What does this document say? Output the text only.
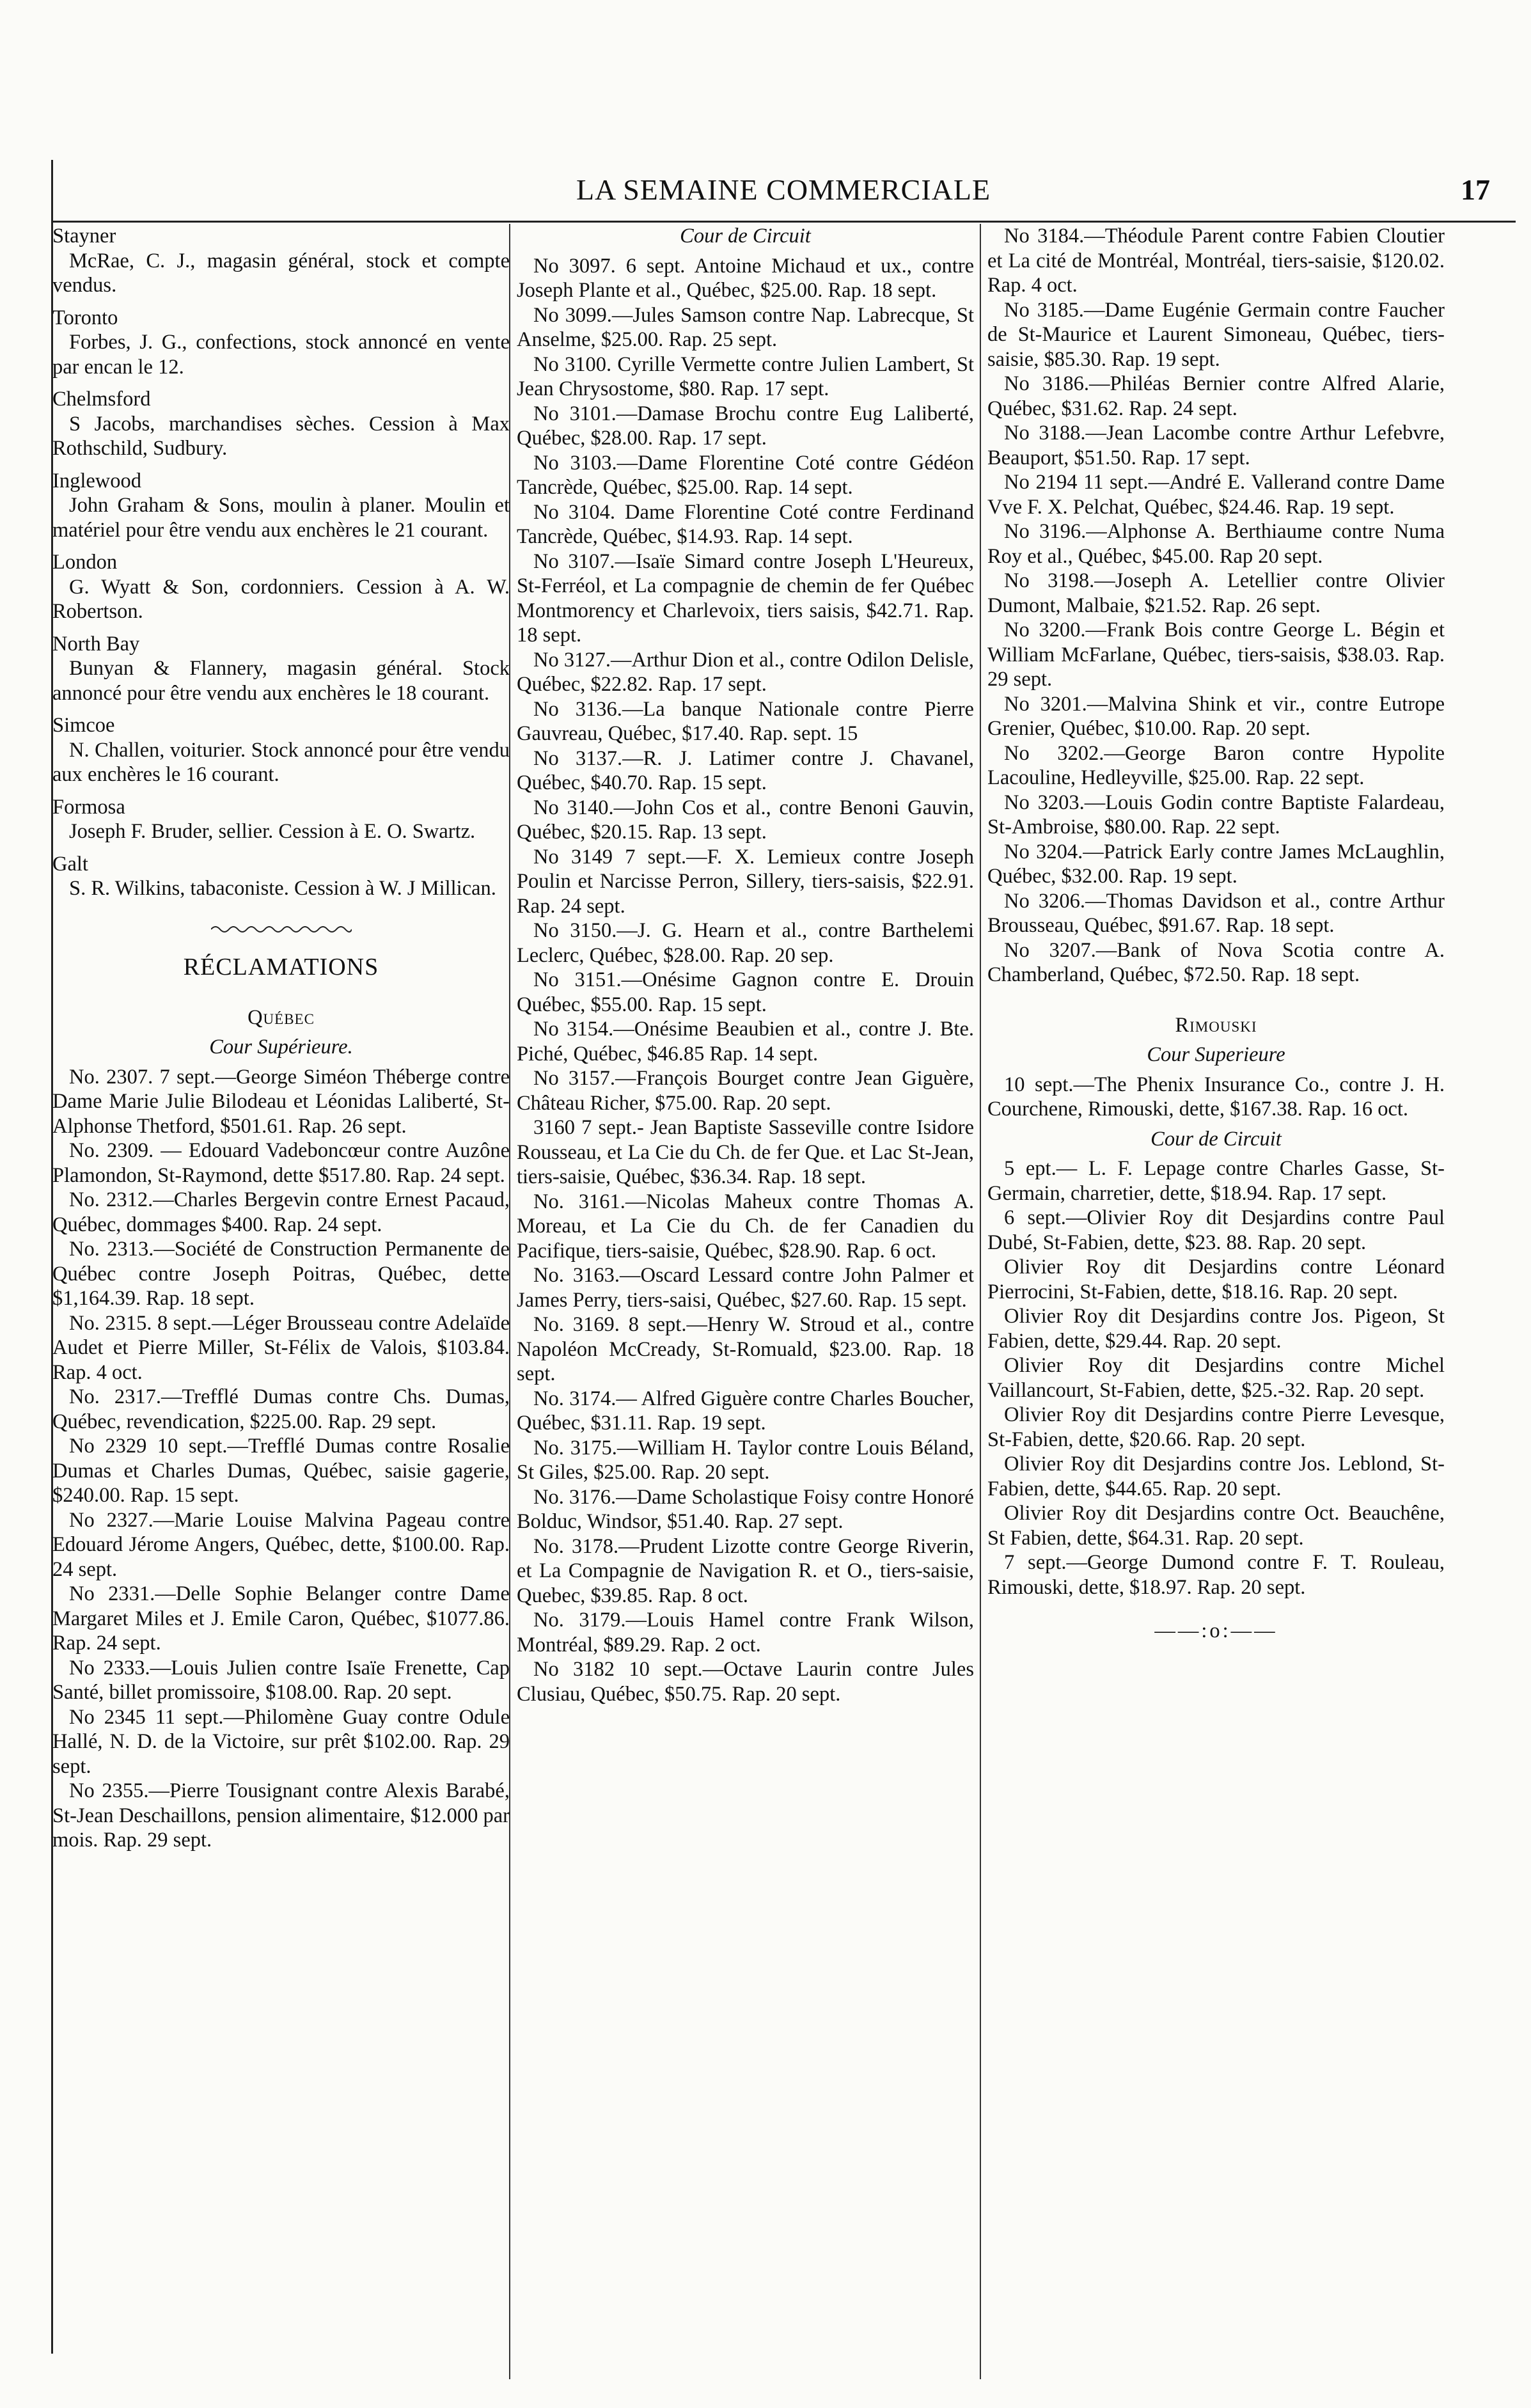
LA SEMAINE COMMERCIALE	17

Stayner

McRae, C. J., magasin général, stock et compte vendus.

Toronto

Forbes, J. G., confections, stock annoncé en vente par encan le 12.

Chelmsford

S Jacobs, marchandises sèches. Cession à Max Rothschild, Sudbury.

Inglewood

John Graham & Sons, moulin à planer. Moulin et matériel pour être vendu aux enchères le 21 courant.

London

G. Wyatt & Son, cordonniers. Cession à A. W. Robertson.

North Bay

Bunyan & Flannery, magasin général. Stock annoncé pour être vendu aux enchères le 18 courant.

Simcoe

N. Challen, voiturier. Stock annoncé pour être vendu aux enchères le 16 courant.

Formosa

Joseph F. Bruder, sellier. Cession à E. O. Swartz.

Galt

S. R. Wilkins, tabaconiste. Cession à W. J Millican.

RÉCLAMATIONS

Québec

Cour Supérieure.

No. 2307. 7 sept.—George Siméon Théberge contre Dame Marie Julie Bilodeau et Léonidas Laliberté, St-Alphonse Thetford, $501.61. Rap. 26 sept.

No. 2309. — Edouard Vadeboncœur contre Auzône Plamondon, St-Raymond, dette $517.80. Rap. 24 sept.

No. 2312.—Charles Bergevin contre Ernest Pacaud, Québec, dommages $400. Rap. 24 sept.

No. 2313.—Société de Construction Permanente de Québec contre Joseph Poitras, Québec, dette $1,164.39. Rap. 18 sept.

No. 2315. 8 sept.—Léger Brousseau contre Adelaïde Audet et Pierre Miller, St-Félix de Valois, $103.84. Rap. 4 oct.

No. 2317.—Trefflé Dumas contre Chs. Dumas, Québec, revendication, $225.00. Rap. 29 sept.

No 2329 10 sept.—Trefflé Dumas contre Rosalie Dumas et Charles Dumas, Québec, saisie gagerie, $240.00. Rap. 15 sept.

No 2327.—Marie Louise Malvina Pageau contre Edouard Jérome Angers, Québec, dette, $100.00. Rap. 24 sept.

No 2331.—Delle Sophie Belanger contre Dame Margaret Miles et J. Emile Caron, Québec, $1077.86. Rap. 24 sept.

No 2333.—Louis Julien contre Isaïe Frenette, Cap Santé, billet promissoire, $108.00. Rap. 20 sept.

No 2345 11 sept.—Philomène Guay contre Odule Hallé, N. D. de la Victoire, sur prêt $102.00. Rap. 29 sept.

No 2355.—Pierre Tousignant contre Alexis Barabé, St-Jean Deschaillons, pension alimentaire, $12.000 par mois. Rap. 29 sept.

Cour de Circuit

No 3097. 6 sept. Antoine Michaud et ux., contre Joseph Plante et al., Québec, $25.00. Rap. 18 sept.

No 3099.—Jules Samson contre Nap. Labrecque, St Anselme, $25.00. Rap. 25 sept.

No 3100. Cyrille Vermette contre Julien Lambert, St Jean Chrysostome, $80. Rap. 17 sept.

No 3101.—Damase Brochu contre Eug Laliberté, Québec, $28.00. Rap. 17 sept.

No 3103.—Dame Florentine Coté contre Gédéon Tancrède, Québec, $25.00. Rap. 14 sept.

No 3104. Dame Florentine Coté contre Ferdinand Tancrède, Québec, $14.93. Rap. 14 sept.

No 3107.—Isaïe Simard contre Joseph L'Heureux, St-Ferréol, et La compagnie de chemin de fer Québec Montmorency et Charlevoix, tiers saisis, $42.71. Rap. 18 sept.

No 3127.—Arthur Dion et al., contre Odilon Delisle, Québec, $22.82. Rap. 17 sept.

No 3136.—La banque Nationale contre Pierre Gauvreau, Québec, $17.40. Rap. sept. 15

No 3137.—R. J. Latimer contre J. Chavanel, Québec, $40.70. Rap. 15 sept.

No 3140.—John Cos et al., contre Benoni Gauvin, Québec, $20.15. Rap. 13 sept.

No 3149 7 sept.—F. X. Lemieux contre Joseph Poulin et Narcisse Perron, Sillery, tiers-saisis, $22.91. Rap. 24 sept.

No 3150.—J. G. Hearn et al., contre Barthelemi Leclerc, Québec, $28.00. Rap. 20 sep.

No 3151.—Onésime Gagnon contre E. Drouin Québec, $55.00. Rap. 15 sept.

No 3154.—Onésime Beaubien et al., contre J. Bte. Piché, Québec, $46.85 Rap. 14 sept.

No 3157.—François Bourget contre Jean Giguère, Château Richer, $75.00. Rap. 20 sept.

3160 7 sept.- Jean Baptiste Sasseville contre Isidore Rousseau, et La Cie du Ch. de fer Que. et Lac St-Jean, tiers-saisie, Québec, $36.34. Rap. 18 sept.

No. 3161.—Nicolas Maheux contre Thomas A. Moreau, et La Cie du Ch. de fer Canadien du Pacifique, tiers-saisie, Québec, $28.90. Rap. 6 oct.

No. 3163.—Oscard Lessard contre John Palmer et James Perry, tiers-saisi, Québec, $27.60. Rap. 15 sept.

No. 3169. 8 sept.—Henry W. Stroud et al., contre Napoléon McCready, St-Romuald, $23.00. Rap. 18 sept.

No. 3174.— Alfred Giguère contre Charles Boucher, Québec, $31.11. Rap. 19 sept.

No. 3175.—William H. Taylor contre Louis Béland, St Giles, $25.00. Rap. 20 sept.

No. 3176.—Dame Scholastique Foisy contre Honoré Bolduc, Windsor, $51.40. Rap. 27 sept.

No. 3178.—Prudent Lizotte contre George Riverin, et La Compagnie de Navigation R. et O., tiers-saisie, Quebec, $39.85. Rap. 8 oct.

No. 3179.—Louis Hamel contre Frank Wilson, Montréal, $89.29. Rap. 2 oct.

No 3182 10 sept.—Octave Laurin contre Jules Clusiau, Québec, $50.75. Rap. 20 sept.

No 3184.—Théodule Parent contre Fabien Cloutier et La cité de Montréal, Montréal, tiers-saisie, $120.02. Rap. 4 oct.

No 3185.—Dame Eugénie Germain contre Faucher de St-Maurice et Laurent Simoneau, Québec, tiers-saisie, $85.30. Rap. 19 sept.

No 3186.—Philéas Bernier contre Alfred Alarie, Québec, $31.62. Rap. 24 sept.

No 3188.—Jean Lacombe contre Arthur Lefebvre, Beauport, $51.50. Rap. 17 sept.

No 2194 11 sept.—André E. Vallerand contre Dame Vve F. X. Pelchat, Québec, $24.46. Rap. 19 sept.

No 3196.—Alphonse A. Berthiaume contre Numa Roy et al., Québec, $45.00. Rap 20 sept.

No 3198.—Joseph A. Letellier contre Olivier Dumont, Malbaie, $21.52. Rap. 26 sept.

No 3200.—Frank Bois contre George L. Bégin et William McFarlane, Québec, tiers-saisis, $38.03. Rap. 29 sept.

No 3201.—Malvina Shink et vir., contre Eutrope Grenier, Québec, $10.00. Rap. 20 sept.

No 3202.—George Baron contre Hypolite Lacouline, Hedleyville, $25.00. Rap. 22 sept.

No 3203.—Louis Godin contre Baptiste Falardeau, St-Ambroise, $80.00. Rap. 22 sept.

No 3204.—Patrick Early contre James McLaughlin, Québec, $32.00. Rap. 19 sept.

No 3206.—Thomas Davidson et al., contre Arthur Brousseau, Québec, $91.67. Rap. 18 sept.

No 3207.—Bank of Nova Scotia contre A. Chamberland, Québec, $72.50. Rap. 18 sept.

Rimouski

Cour Superieure

10 sept.—The Phenix Insurance Co., contre J. H. Courchene, Rimouski, dette, $167.38. Rap. 16 oct.

Cour de Circuit

5 ept.— L. F. Lepage contre Charles Gasse, St-Germain, charretier, dette, $18.94. Rap. 17 sept.

6 sept.—Olivier Roy dit Desjardins contre Paul Dubé, St-Fabien, dette, $23. 88. Rap. 20 sept.

Olivier Roy dit Desjardins contre Léonard Pierrocini, St-Fabien, dette, $18.16. Rap. 20 sept.

Olivier Roy dit Desjardins contre Jos. Pigeon, St Fabien, dette, $29.44. Rap. 20 sept.

Olivier Roy dit Desjardins contre Michel Vaillancourt, St-Fabien, dette, $25.-32. Rap. 20 sept.

Olivier Roy dit Desjardins contre Pierre Levesque, St-Fabien, dette, $20.66. Rap. 20 sept.

Olivier Roy dit Desjardins contre Jos. Leblond, St-Fabien, dette, $44.65. Rap. 20 sept.

Olivier Roy dit Desjardins contre Oct. Beauchêne, St Fabien, dette, $64.31. Rap. 20 sept.

7 sept.—George Dumond contre F. T. Rouleau, Rimouski, dette, $18.97. Rap. 20 sept.

——:o:——
